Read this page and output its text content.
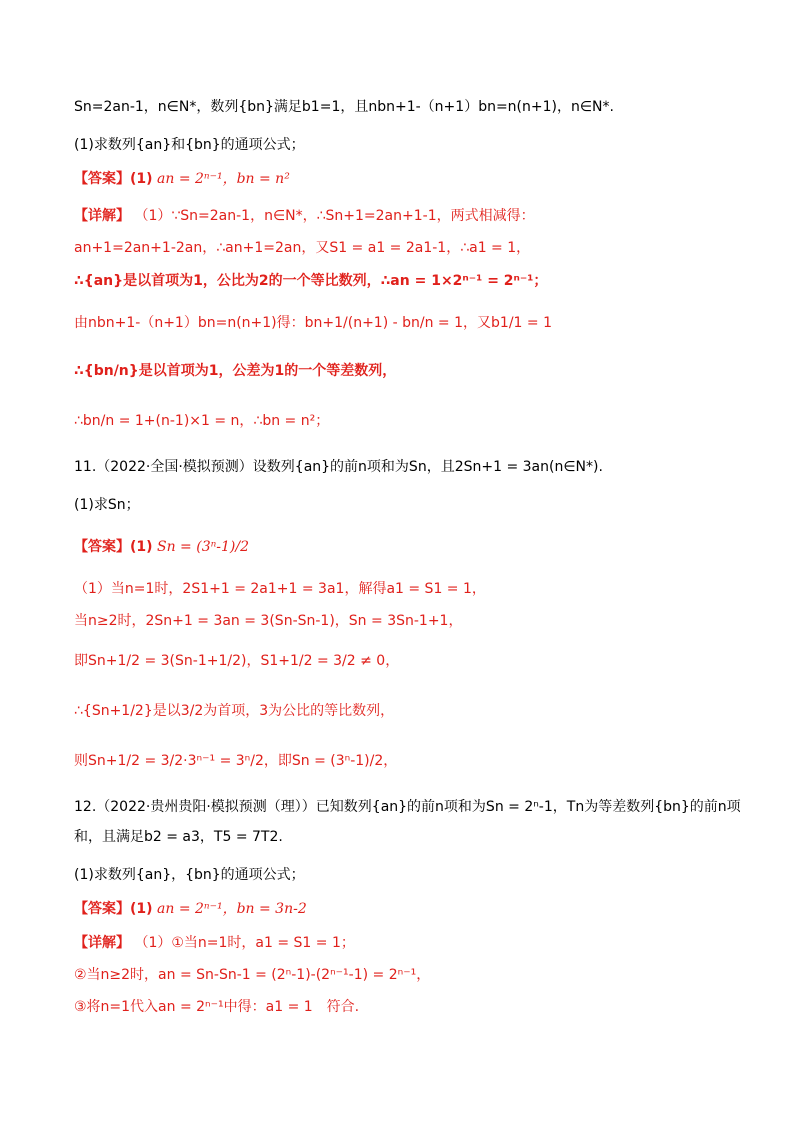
Sn=2an-1，n∈N*，数列{bn}满足b1=1，且nbn+1-（n+1）bn=n(n+1)，n∈N*.
(1)求数列{an}和{bn}的通项公式；
【答案】(1) an = 2ⁿ⁻¹，bn = n²
【详解】 （1）∵Sn=2an-1，n∈N*，∴Sn+1=2an+1-1，两式相减得：
an+1=2an+1-2an，∴an+1=2an，又S1 = a1 = 2a1-1，∴a1 = 1，
∴{an}是以首项为1，公比为2的一个等比数列，∴an = 1×2ⁿ⁻¹ = 2ⁿ⁻¹；
由nbn+1-（n+1）bn=n(n+1)得：bn+1/(n+1) - bn/n = 1，又b1/1 = 1
∴{bn/n}是以首项为1，公差为1的一个等差数列，
∴bn/n = 1+(n-1)×1 = n，∴bn = n²；
11.（2022·全国·模拟预测）设数列{an}的前n项和为Sn，且2Sn+1 = 3an(n∈N*).
(1)求Sn；
【答案】(1) Sn = (3ⁿ-1)/2
（1）当n=1时，2S1+1 = 2a1+1 = 3a1，解得a1 = S1 = 1，
当n≥2时，2Sn+1 = 3an = 3(Sn-Sn-1)，Sn = 3Sn-1+1，
即Sn+1/2 = 3(Sn-1+1/2)，S1+1/2 = 3/2 ≠ 0，
∴{Sn+1/2}是以3/2为首项，3为公比的等比数列，
则Sn+1/2 = 3/2·3ⁿ⁻¹ = 3ⁿ/2，即Sn = (3ⁿ-1)/2，
12.（2022·贵州贵阳·模拟预测（理））已知数列{an}的前n项和为Sn = 2ⁿ-1，Tn为等差数列{bn}的前n项
和，且满足b2 = a3，T5 = 7T2.
(1)求数列{an}，{bn}的通项公式；
【答案】(1) an = 2ⁿ⁻¹，bn = 3n-2
【详解】 （1）①当n=1时，a1 = S1 = 1；
②当n≥2时，an = Sn-Sn-1 = (2ⁿ-1)-(2ⁿ⁻¹-1) = 2ⁿ⁻¹，
③将n=1代入an = 2ⁿ⁻¹中得：a1 = 1　符合.
